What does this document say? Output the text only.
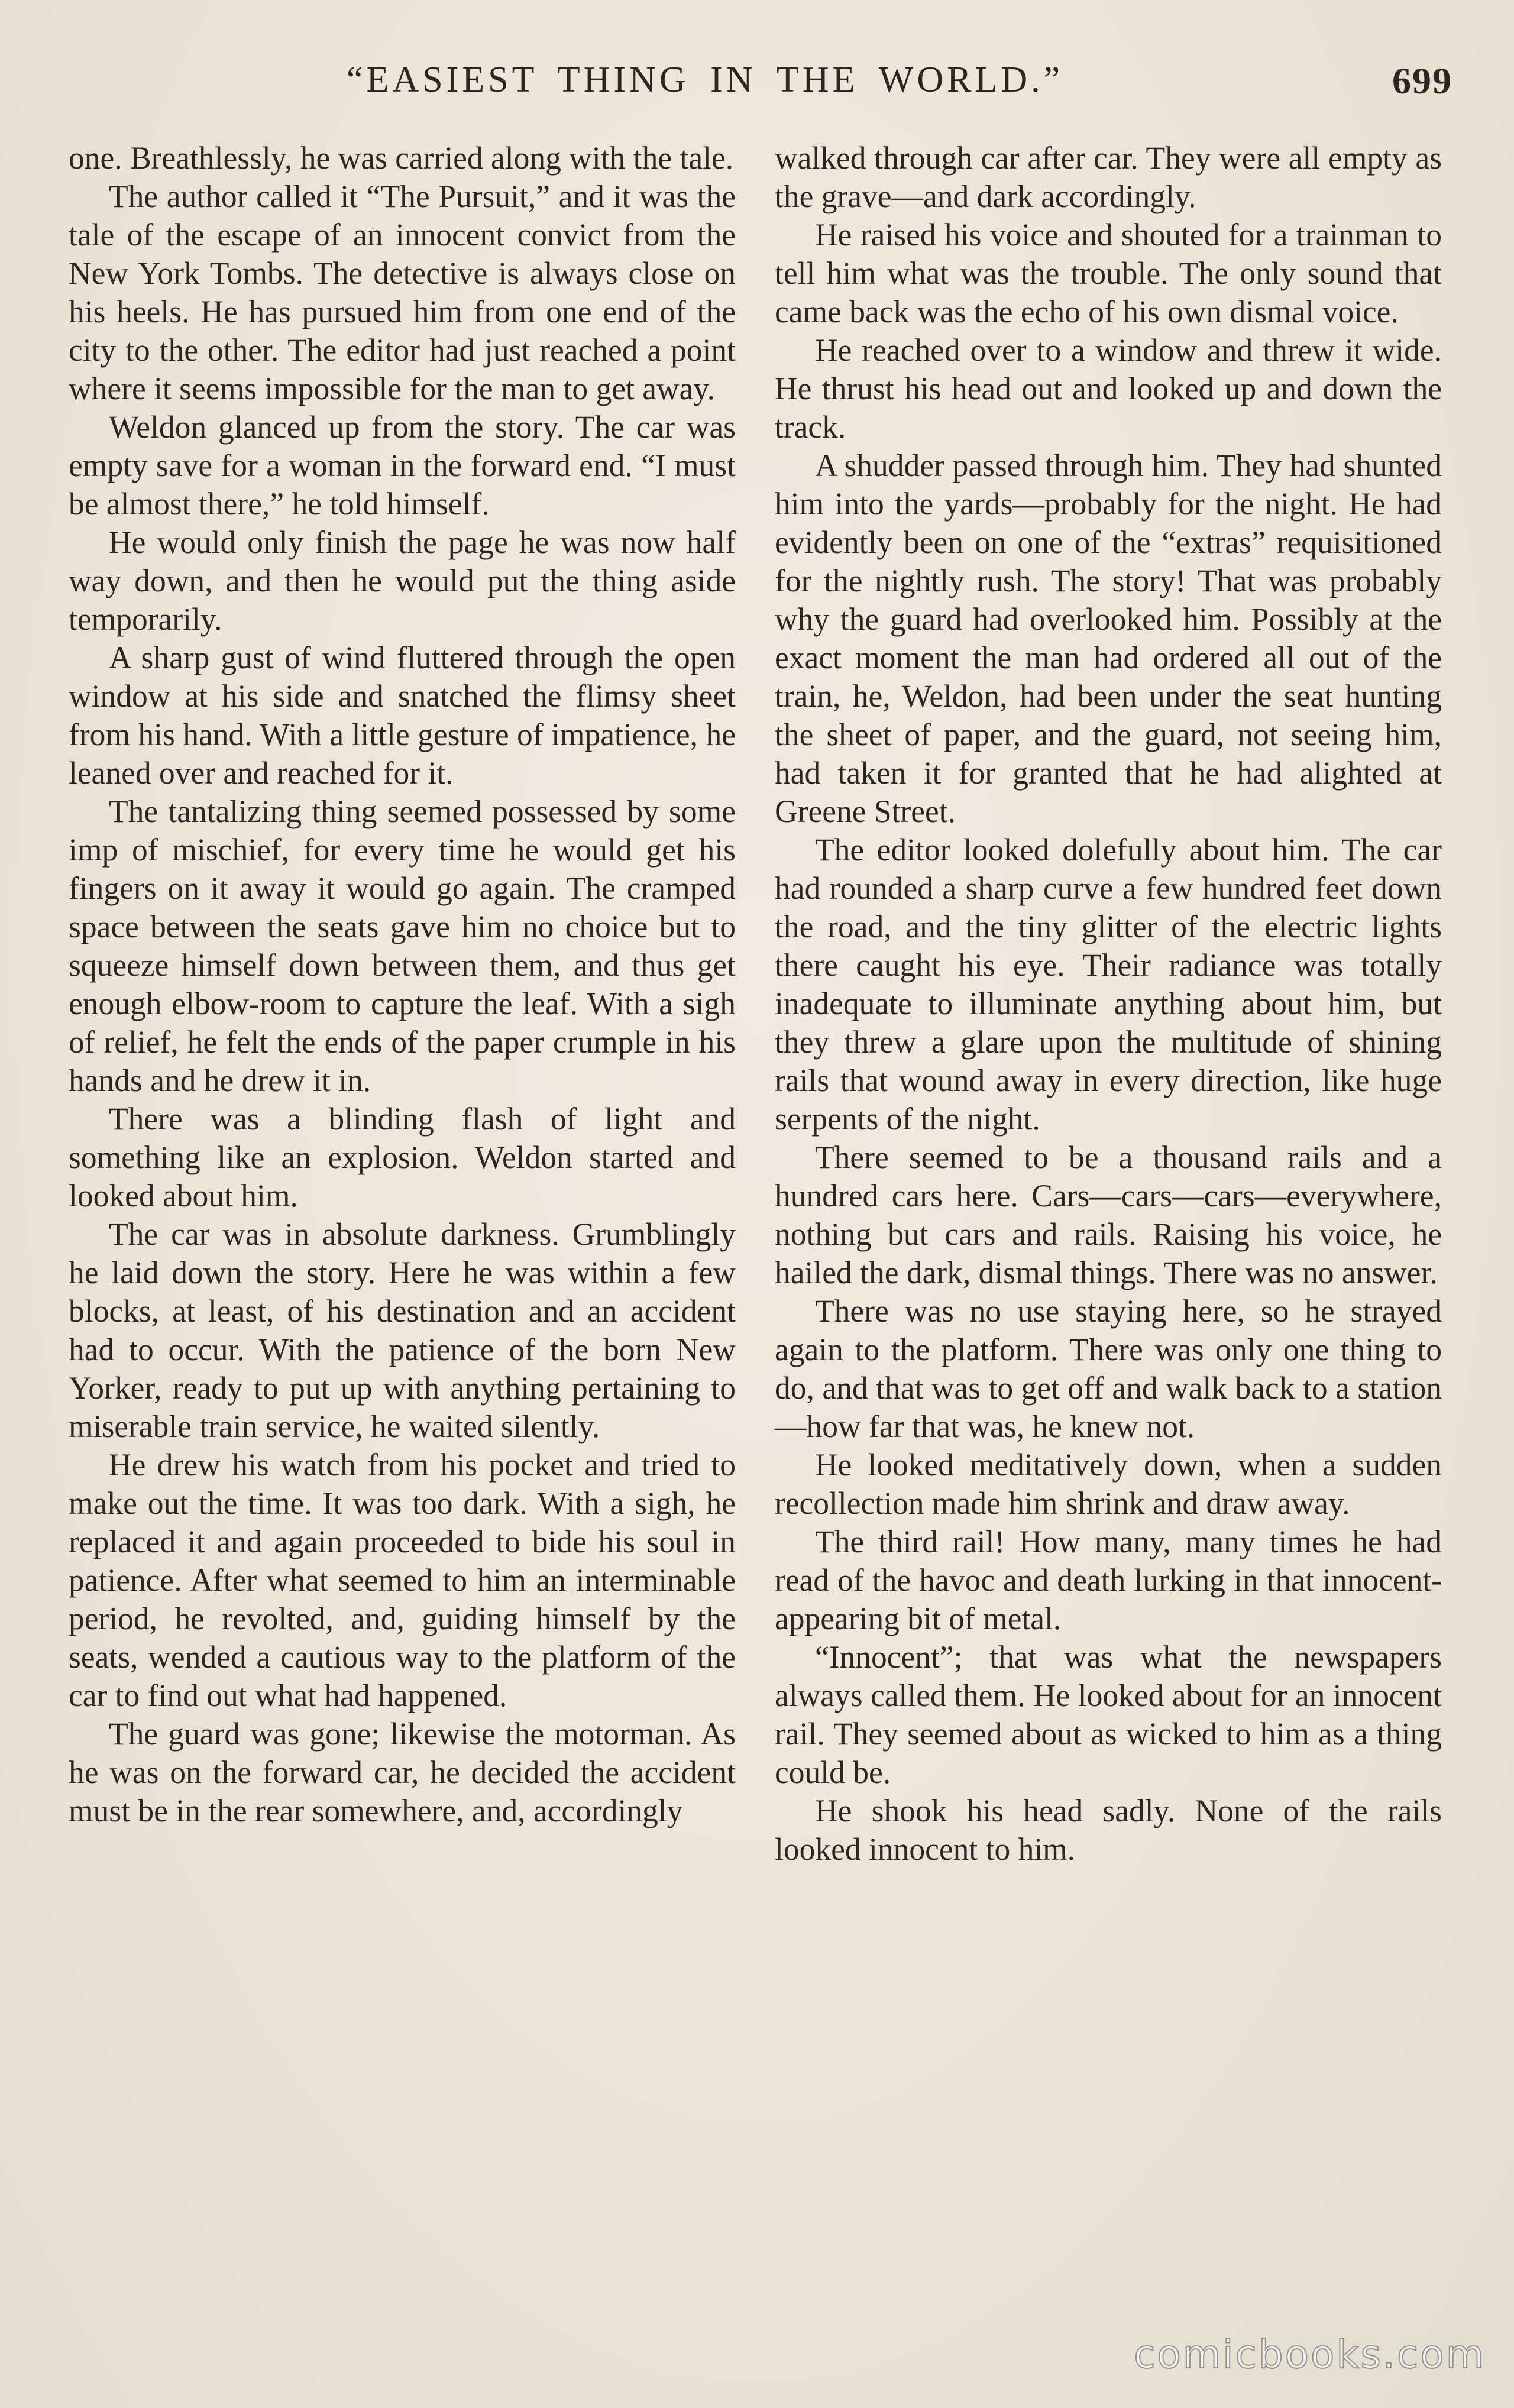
“EASIEST THING IN THE WORLD.”	699

one. Breathlessly, he was carried along with the tale.

The author called it “The Pursuit,” and it was the tale of the escape of an innocent convict from the New York Tombs. The detective is always close on his heels. He has pursued him from one end of the city to the other. The editor had just reached a point where it seems impossible for the man to get away.

Weldon glanced up from the story. The car was empty save for a woman in the forward end. “I must be almost there,” he told himself.

He would only finish the page he was now half way down, and then he would put the thing aside temporarily.

A sharp gust of wind fluttered through the open window at his side and snatched the flimsy sheet from his hand. With a little gesture of impatience, he leaned over and reached for it.

The tantalizing thing seemed possessed by some imp of mischief, for every time he would get his fingers on it away it would go again. The cramped space between the seats gave him no choice but to squeeze himself down between them, and thus get enough elbow-room to capture the leaf. With a sigh of relief, he felt the ends of the paper crumple in his hands and he drew it in.

There was a blinding flash of light and something like an explosion. Weldon started and looked about him.

The car was in absolute darkness. Grumblingly he laid down the story. Here he was within a few blocks, at least, of his destination and an accident had to occur. With the patience of the born New Yorker, ready to put up with anything pertaining to miserable train service, he waited silently.

He drew his watch from his pocket and tried to make out the time. It was too dark. With a sigh, he replaced it and again proceeded to bide his soul in patience. After what seemed to him an interminable period, he revolted, and, guiding himself by the seats, wended a cautious way to the platform of the car to find out what had happened.

The guard was gone; likewise the motorman. As he was on the forward car, he decided the accident must be in the rear somewhere, and, accordingly

walked through car after car. They were all empty as the grave—and dark accordingly.

He raised his voice and shouted for a trainman to tell him what was the trouble. The only sound that came back was the echo of his own dismal voice.

He reached over to a window and threw it wide. He thrust his head out and looked up and down the track.

A shudder passed through him. They had shunted him into the yards—probably for the night. He had evidently been on one of the “extras” requisitioned for the nightly rush. The story! That was probably why the guard had overlooked him. Possibly at the exact moment the man had ordered all out of the train, he, Weldon, had been under the seat hunting the sheet of paper, and the guard, not seeing him, had taken it for granted that he had alighted at Greene Street.

The editor looked dolefully about him. The car had rounded a sharp curve a few hundred feet down the road, and the tiny glitter of the electric lights there caught his eye. Their radiance was totally inadequate to illuminate anything about him, but they threw a glare upon the multitude of shining rails that wound away in every direction, like huge serpents of the night.

There seemed to be a thousand rails and a hundred cars here. Cars—cars—cars—everywhere, nothing but cars and rails. Raising his voice, he hailed the dark, dismal things. There was no answer.

There was no use staying here, so he strayed again to the platform. There was only one thing to do, and that was to get off and walk back to a station—how far that was, he knew not.

He looked meditatively down, when a sudden recollection made him shrink and draw away.

The third rail! How many, many times he had read of the havoc and death lurking in that innocent-appearing bit of metal.

“Innocent”; that was what the newspapers always called them. He looked about for an innocent rail. They seemed about as wicked to him as a thing could be.

He shook his head sadly. None of the rails looked innocent to him.

comicbooks.com
